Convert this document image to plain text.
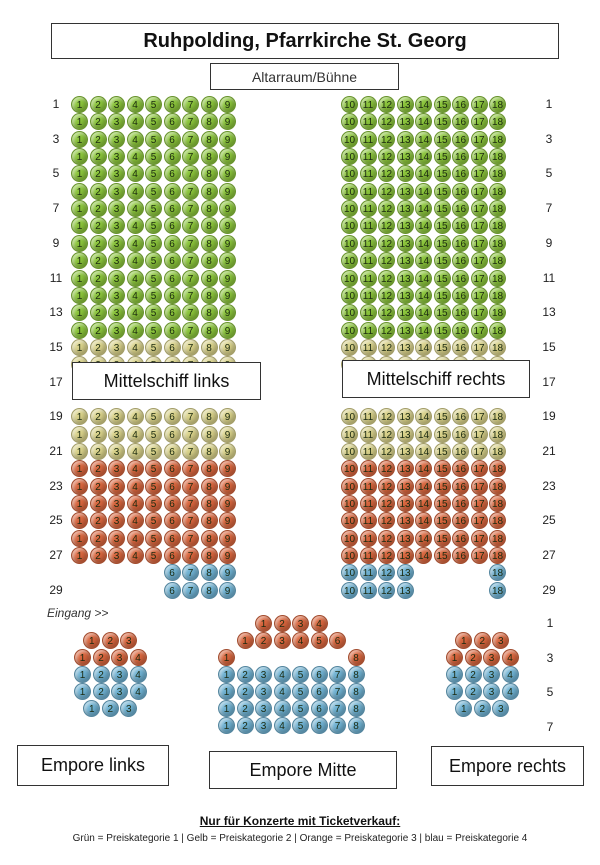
Ruhpolding, Pfarrkirche St. Georg
Altarraum/Bühne
1	2	3	4	5	6	7	8	9	10 11 12 13 14 15 16 17 18
1	2	3	4	5	6	7	8	9	10 11 12 13 14 15 16 17 18
1	2	3	4	5	6	7	8	9	10 11 12 13 14 15 16 17 18
1	2	3	4	5	6	7	8	9	10 11 12 13 14 15 16 17 18
1	2	3	4	5	6	7	8	9	10 11 12 13 14 15 16 17 18
1	2	3	4	5	6	7	8	9	10 11 12 13 14 15 16 17 18
1	2	3	4	5	6	7	8	9	10 11 12 13 14 15 16 17 18
1	2	3	4	5	6	7	8	9	10 11 12 13 14 15 16 17 18
1	2	3	4	5	6	7	8	9	10 11 12 13 14 15 16 17 18
1	2	3	4	5	6	7	8	9	10 11 12 13 14 15 16 17 18
1	2	3	4	5	6	7	8	9	10 11 12 13 14 15 16 17 18
1	2	3	4	5	6	7	8	9	10 11 12 13 14 15 16 17 18
1	2	3	4	5	6	7	8	9	10 11 12 13 14 15 16 17 18
1	2	3	4	5	6	7	8	9	10 11 12 13 14 15 16 17 18
1	2	3	4	5	6	7	8	9	10 11 12 13 14 15 16 17 18
1	2	3	4	5	6	7	8	9	10 11 12 13 14 15 16 17 18
1	2	3	4	5	6	7	8	9	10 11 12 13 14 15 16 17 18
1	2	3	4	5	6	7	8	9	10 11 12 13 14 15 16 17 18
1	2	3	4	5	6	7	8	9	10 11 12 13 14 15 16 17 18
1	2	3	4	5	6	7	8	9	10 11 12 13 14 15 16 17 18
1	2	3	4	5	6	7	8	9	10 11 12 13 14 15 16 17 18
1	2	3	4	5	6	7	8	9	10 11 12 13 14 15 16 17 18
1	2	3	4	5	6	7	8	9	10 11 12 13 14 15 16 17 18
1	2	3	4	5	6	7	8	9	10 11 12 13 14 15 16 17 18
6	7	8	9	10 11 12 13	18
6	7	8	9	10 11 12 13	18
1	2	3
1	2	3	4
1	2	3	4
1	2	3	4
1	2	3
1	2	3	4
1	2	3	4	5	6
1	8
1	2	3	4	5	6	7	8
1	2	3	4	5	6	7	8
1	2	3	4	5	6	7	8
1	2	3	4	5	6	7	8
1	2	3
1	2	3	4
1	2	3	4
1	2	3	4
1	2	3
1	1
3	3
5	5
7	7
9	9
11	11
13	13
15	15
17	17
19	19
21	21
23	23
25	25
27	27
29	29
1
3
5
7
Mittelschiff links	Mittelschiff rechts
Eingang >>
Empore links	Empore Mitte	Empore rechts
Nur für Konzerte mit Ticketverkauf:
Grün = Preiskategorie 1 | Gelb = Preiskategorie 2 | Orange = Preiskategorie 3 | blau = Preiskategorie 4
